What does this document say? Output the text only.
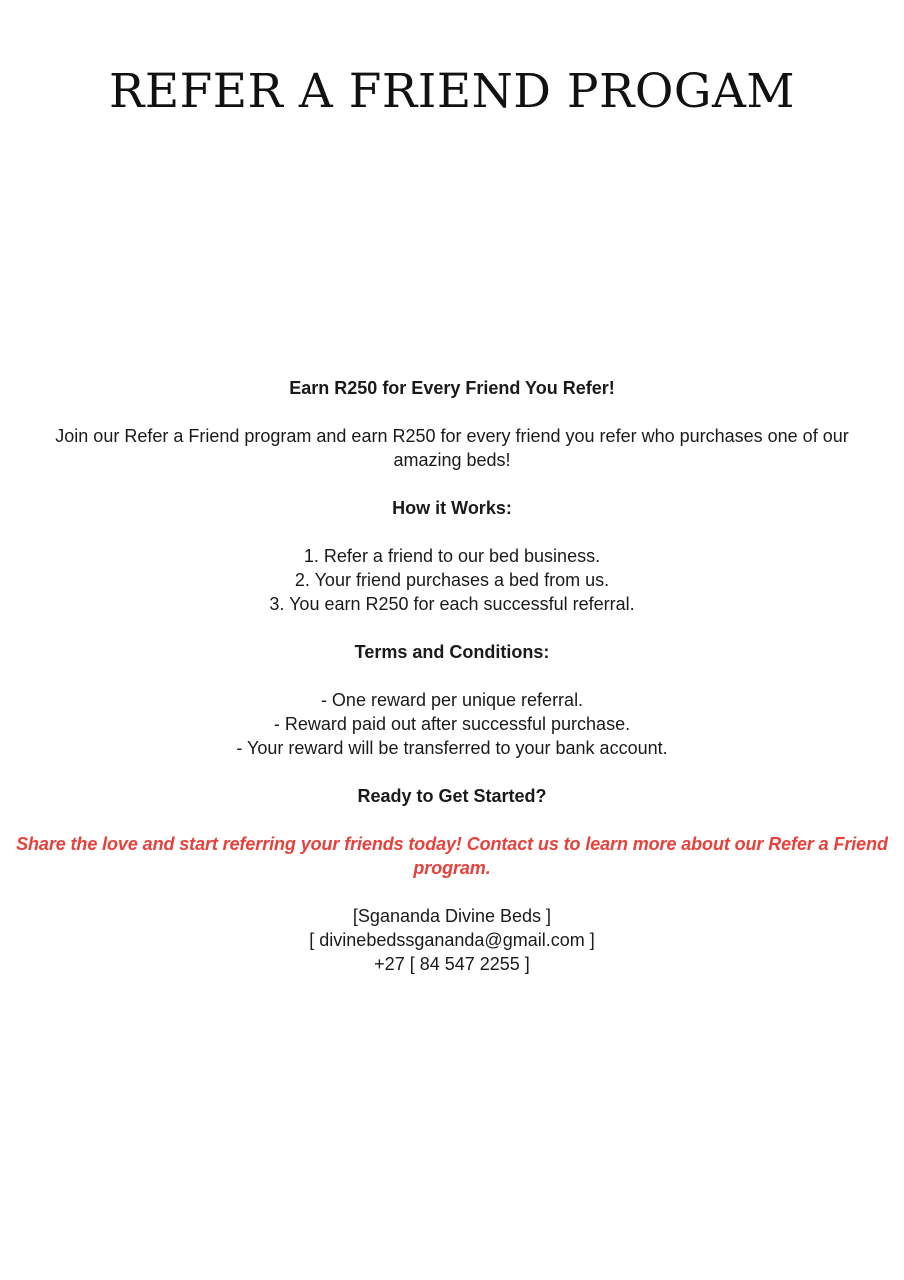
REFER A FRIEND PROGAM

Earn R250 for Every Friend You Refer!

Join our Refer a Friend program and earn R250 for every friend you refer who purchases one of our amazing beds!

How it Works:

1. Refer a friend to our bed business.

2. Your friend purchases a bed from us.

3. You earn R250 for each successful referral.

Terms and Conditions:

- One reward per unique referral.

- Reward paid out after successful purchase.

- Your reward will be transferred to your bank account.

Ready to Get Started?

Share the love and start referring your friends today! Contact us to learn more about our Refer a Friend program.

[Sgananda Divine Beds ]

[ divinebedssgananda@gmail.com ]

+27 [ 84 547 2255 ]
